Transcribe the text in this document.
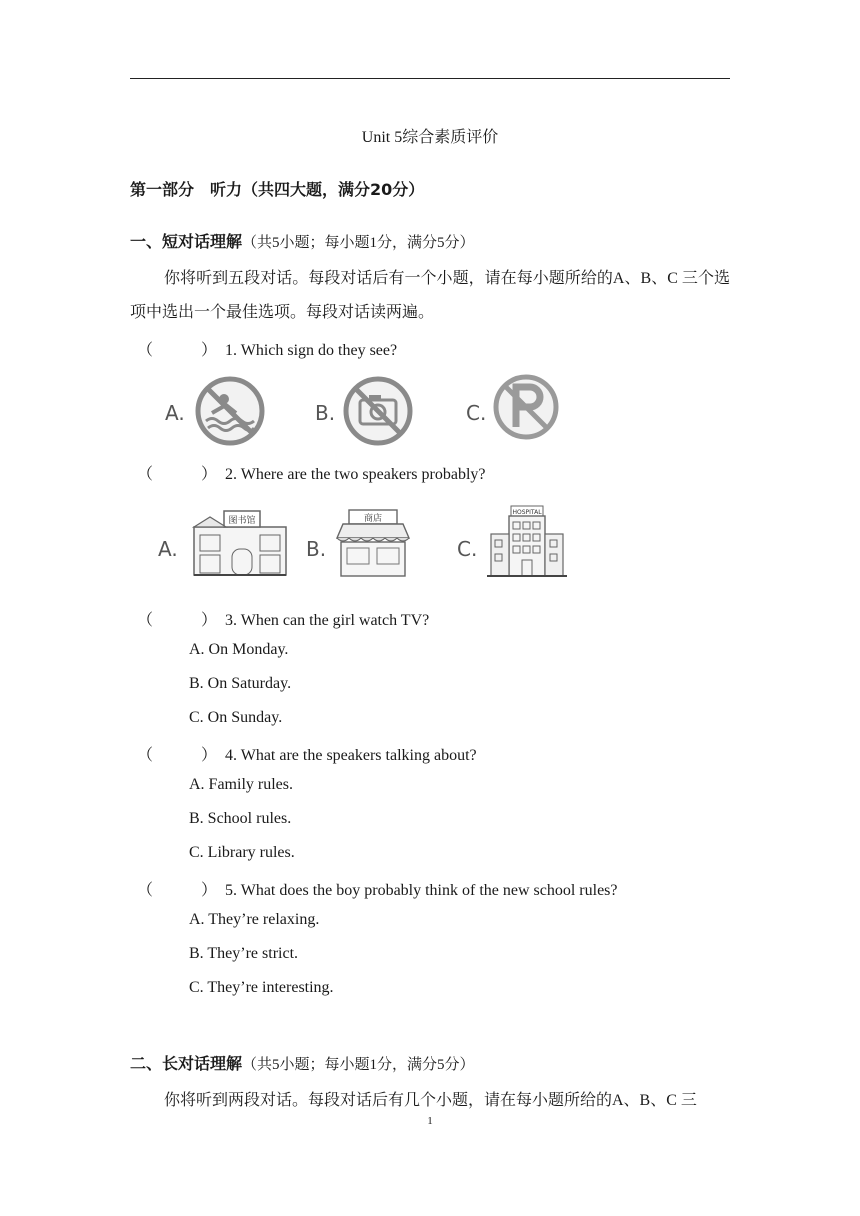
Unit 5综合素质评价
第一部分　听力（共四大题，满分20分）
一、短对话理解（共5小题；每小题1分，满分5分）
你将听到五段对话。每段对话后有一个小题，请在每小题所给的A、B、C 三个选项中选出一个最佳选项。每段对话读两遍。
（　　　） 1. Which sign do they see?
A.	B.	C.
（　　　） 2. Where are the two speakers probably?
A.
图书馆
B.
商店
C.
HOSPITAL
（　　　） 3. When can the girl watch TV?
A. On Monday.
B. On Saturday.
C. On Sunday.
（　　　） 4. What are the speakers talking about?
A. Family rules.
B. School rules.
C. Library rules.
（　　　） 5. What does the boy probably think of the new school rules?
A. They’re relaxing.
B. They’re strict.
C. They’re interesting.
二、长对话理解（共5小题；每小题1分，满分5分）
你将听到两段对话。每段对话后有几个小题，请在每小题所给的A、B、C 三
1
